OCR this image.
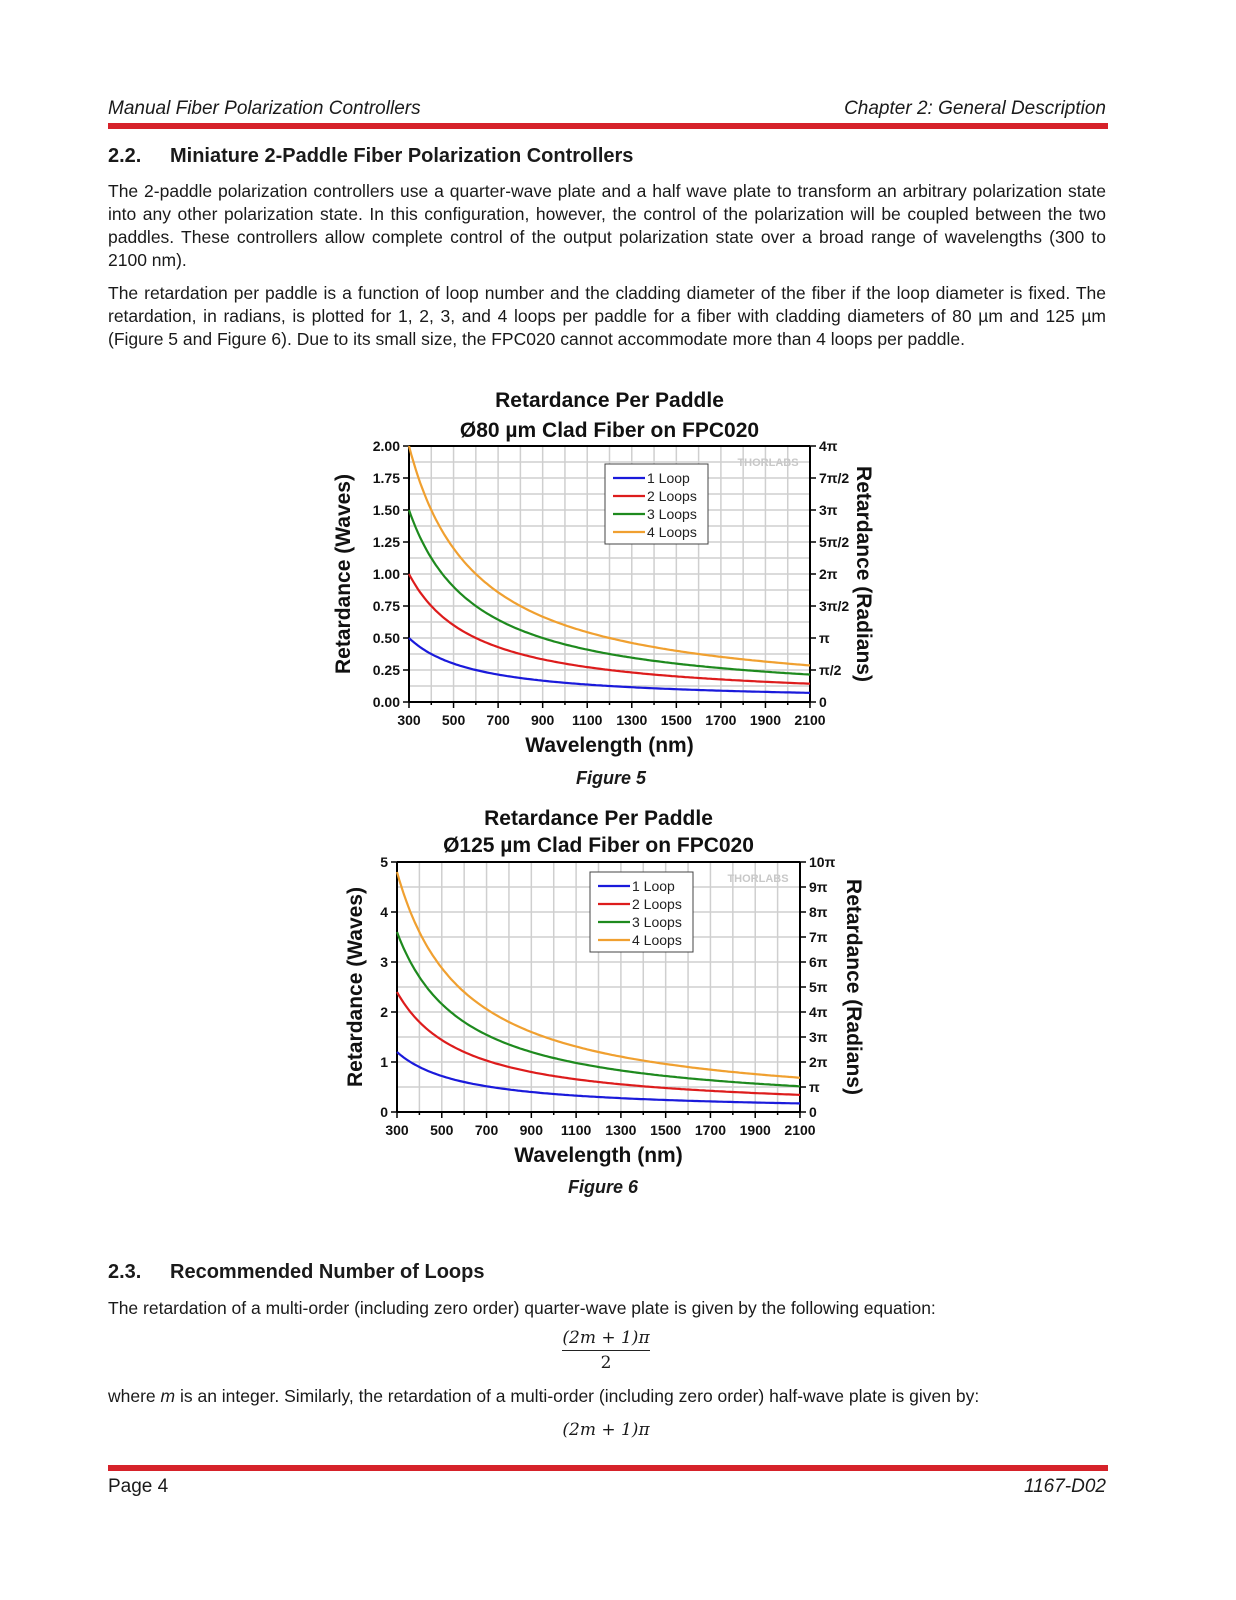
Manual Fiber Polarization Controllers	Chapter 2: General Description
2.2. Miniature 2-Paddle Fiber Polarization Controllers
The 2-paddle polarization controllers use a quarter-wave plate and a half wave plate to transform an arbitrary polarization state into any other polarization state. In this configuration, however, the control of the polarization will be coupled between the two paddles. These controllers allow complete control of the output polarization state over a broad range of wavelengths (300 to 2100 nm).
The retardation per paddle is a function of loop number and the cladding diameter of the fiber if the loop diameter is fixed. The retardation, in radians, is plotted for 1, 2, 3, and 4 loops per paddle for a fiber with cladding diameters of 80 µm and 125 µm (Figure 5 and Figure 6). Due to its small size, the FPC020 cannot accommodate more than 4 loops per paddle.
Retardance Per Paddle
Ø80 µm Clad Fiber on FPC020
THORLABS
300 500 700 900 1100 1300 1500 1700 1900 2100
0.00
0.25
0.50
0.75
1.00
1.25
1.50
1.75
2.00
0
π/2
π
3π/2
2π
5π/2
3π
7π/2
4π
Wavelength (nm)
Retardance (Waves)	Retardance (Radians)
1 Loop
2 Loops
3 Loops
4 Loops
Figure 5
Retardance Per Paddle
Ø125 µm Clad Fiber on FPC020
THORLABS
300 500 700 900 1100 1300 1500 1700 1900 2100
0
1
2
3
4
5
0
π
2π
3π
4π
5π
6π
7π
8π
9π
10π
Wavelength (nm)
Retardance (Waves)	Retardance (Radians)
1 Loop
2 Loops
3 Loops
4 Loops
Figure 6
2.3. Recommended Number of Loops
The retardation of a multi-order (including zero order) quarter-wave plate is given by the following equation:
$\frac{(2m + 1)\pi}{2}$
where m is an integer. Similarly, the retardation of a multi-order (including zero order) half-wave plate is given by:
(2m + 1)π
Page 4	1167-D02
